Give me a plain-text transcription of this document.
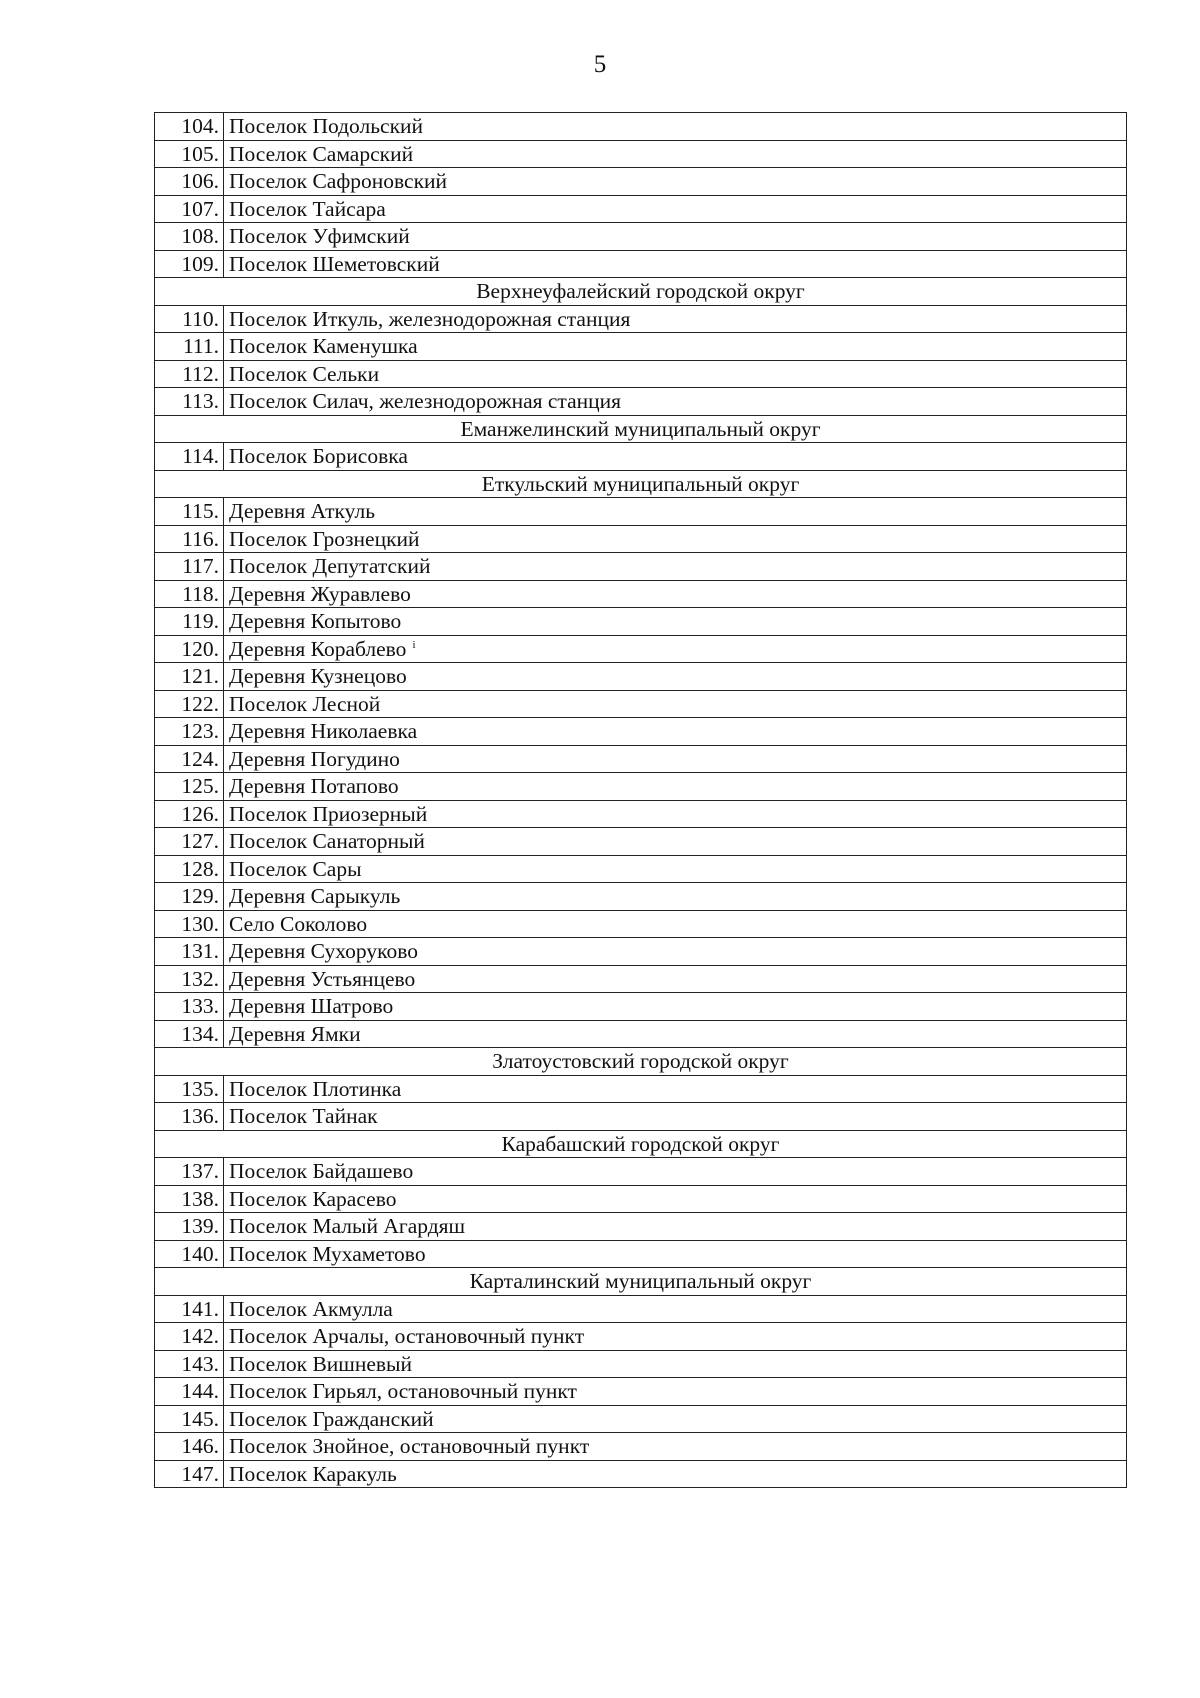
5
104.	Поселок Подольский
105.	Поселок Самарский
106.	Поселок Сафроновский
107.	Поселок Тайсара
108.	Поселок Уфимский
109.	Поселок Шеметовский
Верхнеуфалейский городской округ	
110.	Поселок Иткуль, железнодорожная станция
111.	Поселок Каменушка
112.	Поселок Сельки
113.	Поселок Силач, железнодорожная станция
Еманжелинский муниципальный округ	
114.	Поселок Борисовка
Еткульский муниципальный округ	
115.	Деревня Аткуль
116.	Поселок Грознецкий
117.	Поселок Депутатский
118.	Деревня Журавлево
119.	Деревня Копытово
120.	Деревня Кораблево $^i$
121.	Деревня Кузнецово
122.	Поселок Лесной
123.	Деревня Николаевка
124.	Деревня Погудино
125.	Деревня Потапово
126.	Поселок Приозерный
127.	Поселок Санаторный
128.	Поселок Сары
129.	Деревня Сарыкуль
130.	Село Соколово
131.	Деревня Сухоруково
132.	Деревня Устьянцево
133.	Деревня Шатрово
134.	Деревня Ямки
Златоустовский городской округ	
135.	Поселок Плотинка
136.	Поселок Тайнак
Карабашский городской округ	
137.	Поселок Байдашево
138.	Поселок Карасево
139.	Поселок Малый Агардяш
140.	Поселок Мухаметово
Карталинский муниципальный округ	
141.	Поселок Акмулла
142.	Поселок Арчалы, остановочный пункт
143.	Поселок Вишневый
144.	Поселок Гирьял, остановочный пункт
145.	Поселок Гражданский
146.	Поселок Знойное, остановочный пункт
147.	Поселок Каракуль
